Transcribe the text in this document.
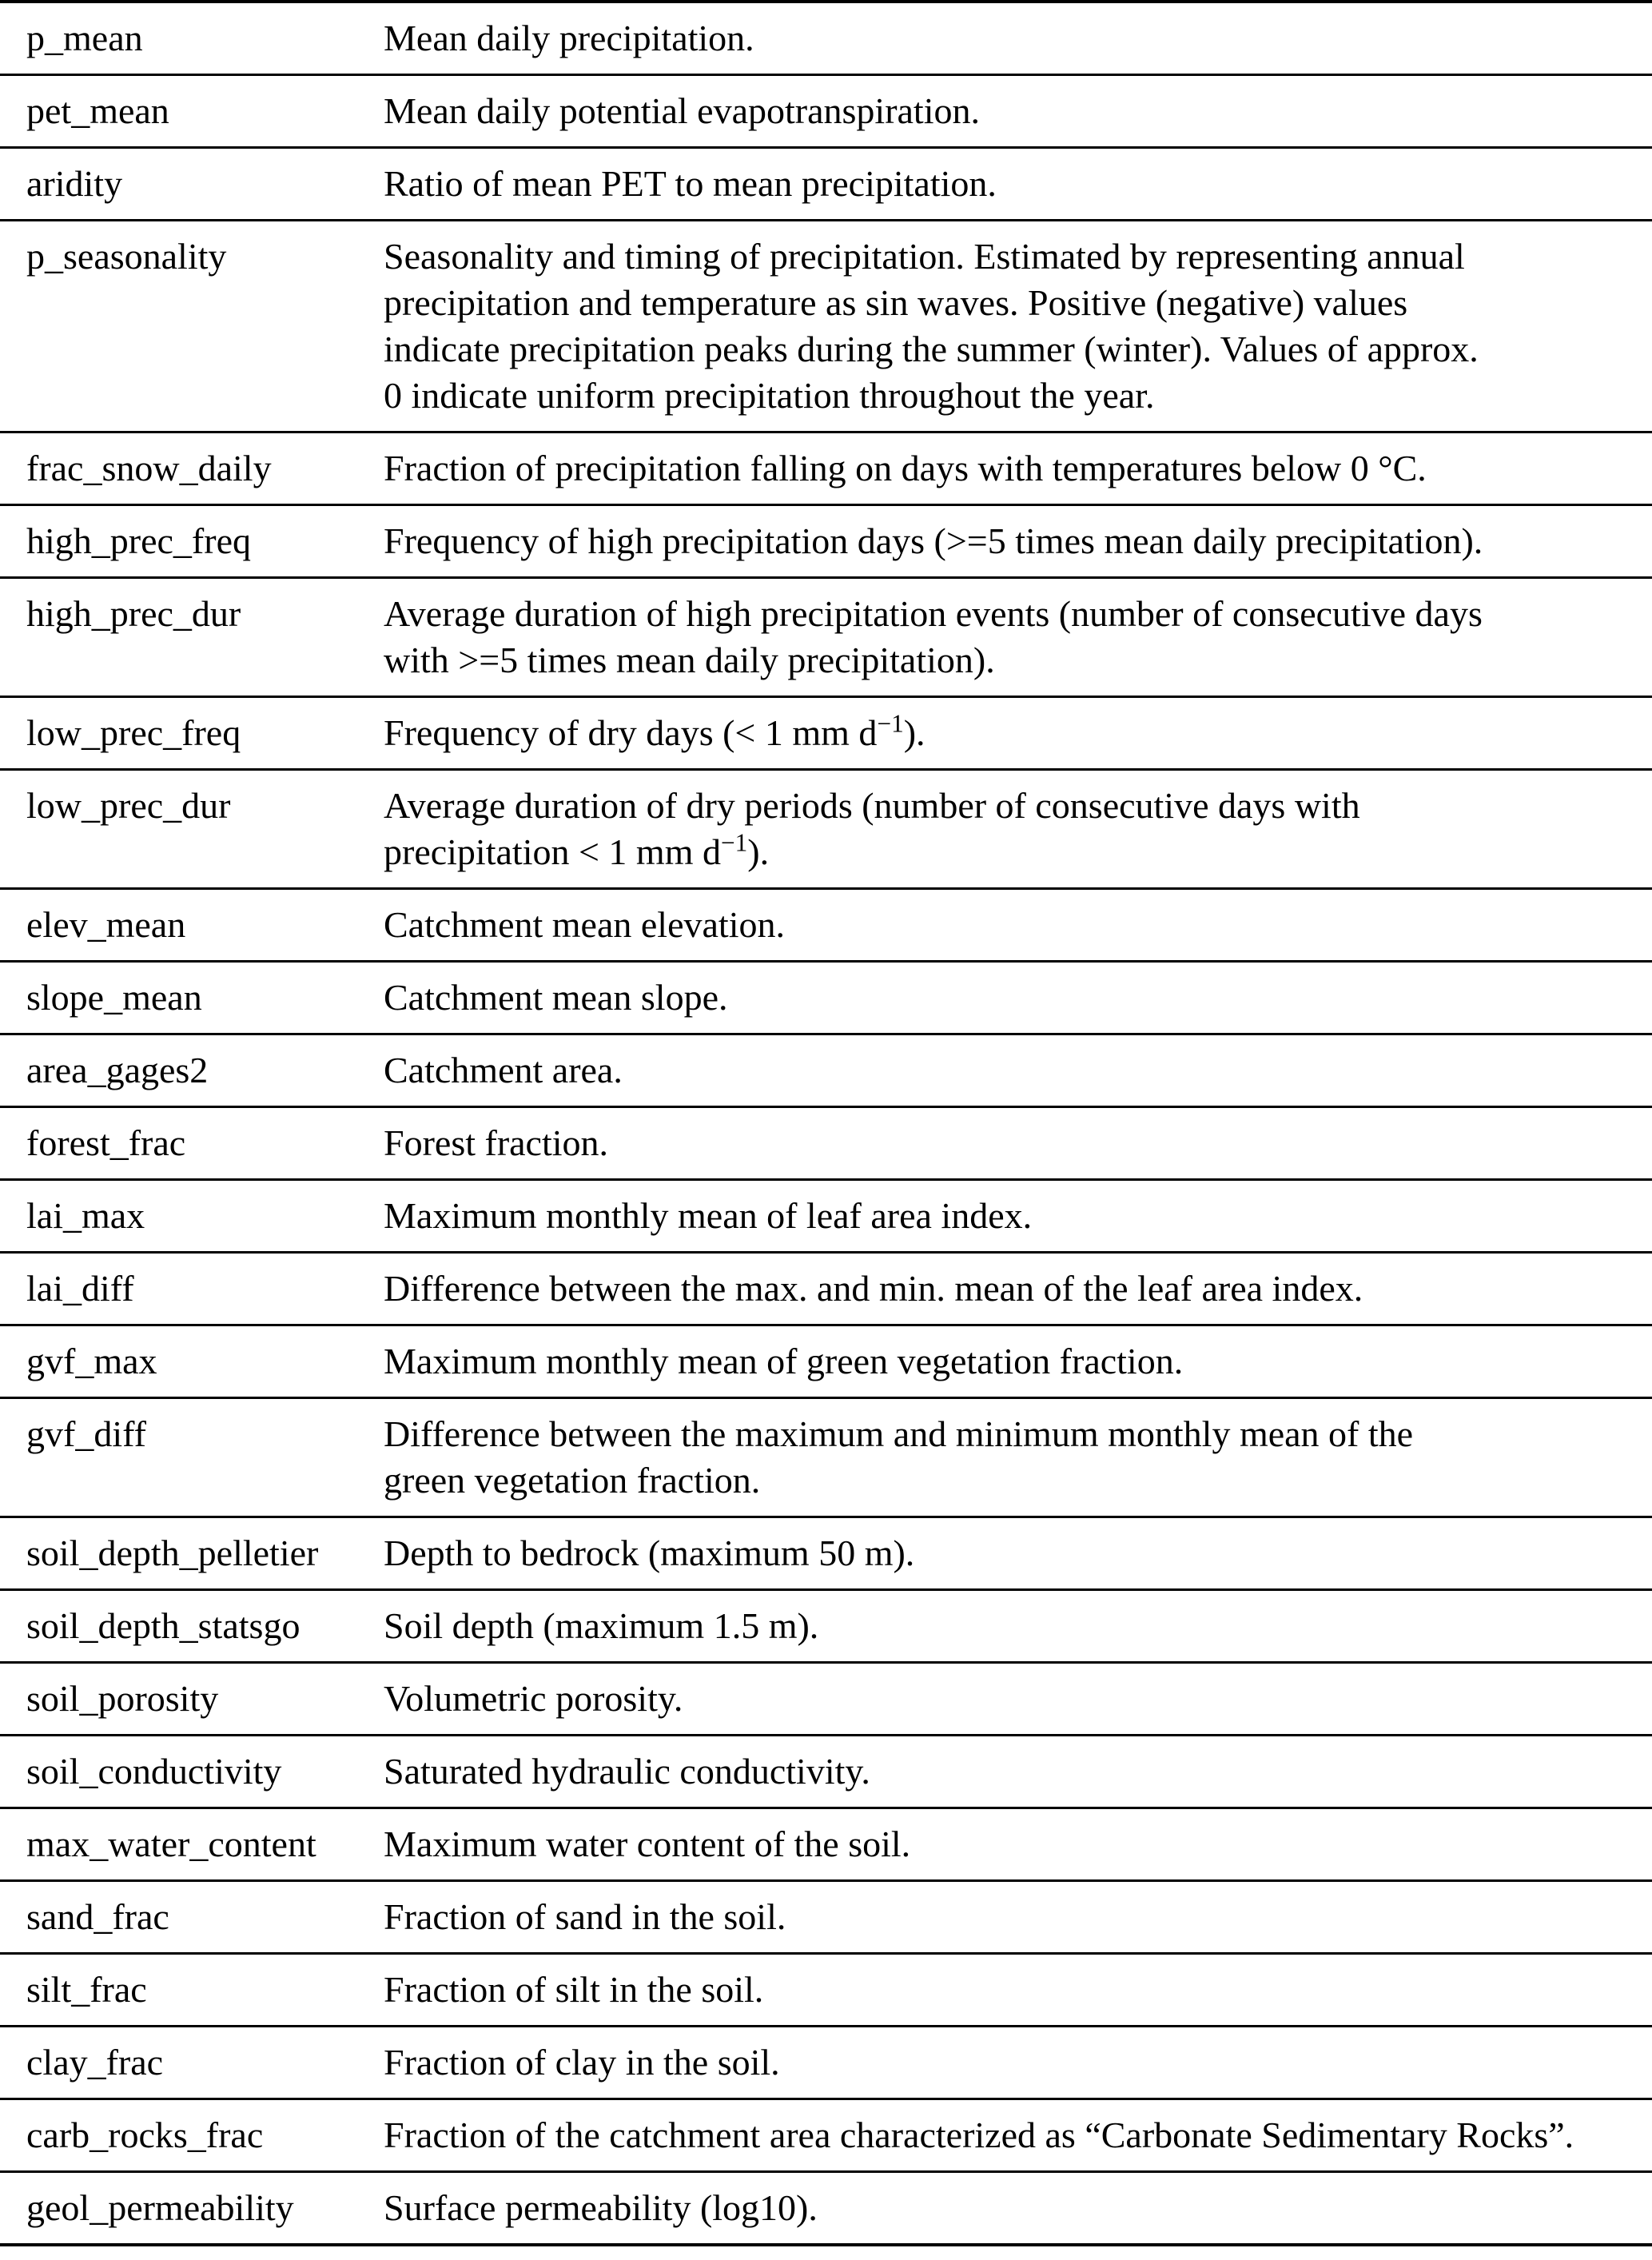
p_mean	Mean daily precipitation.

pet_mean	Mean daily potential evapotranspiration.

aridity	Ratio of mean PET to mean precipitation.

p_seasonality	Seasonality and timing of precipitation. Estimated by representing annual
precipitation and temperature as sin waves. Positive (negative) values
indicate precipitation peaks during the summer (winter). Values of approx.
0 indicate uniform precipitation throughout the year.

frac_snow_daily	Fraction of precipitation falling on days with temperatures below 0 °C.

high_prec_freq	Frequency of high precipitation days (>=5 times mean daily precipitation).

high_prec_dur	Average duration of high precipitation events (number of consecutive days
with >=5 times mean daily precipitation).

low_prec_freq	Frequency of dry days (< 1 mm $d^{-1}$).

low_prec_dur	Average duration of dry periods (number of consecutive days with
precipitation < 1 mm $d^{-1}$).

elev_mean	Catchment mean elevation.

slope_mean	Catchment mean slope.

area_gages2	Catchment area.

forest_frac	Forest fraction.

lai_max	Maximum monthly mean of leaf area index.

lai_diff	Difference between the max. and min. mean of the leaf area index.

gvf_max	Maximum monthly mean of green vegetation fraction.

gvf_diff	Difference between the maximum and minimum monthly mean of the
green vegetation fraction.

soil_depth_pelletier	Depth to bedrock (maximum 50 m).

soil_depth_statsgo	Soil depth (maximum 1.5 m).

soil_porosity	Volumetric porosity.

soil_conductivity	Saturated hydraulic conductivity.

max_water_content	Maximum water content of the soil.

sand_frac	Fraction of sand in the soil.

silt_frac	Fraction of silt in the soil.

clay_frac	Fraction of clay in the soil.

carb_rocks_frac	Fraction of the catchment area characterized as “Carbonate Sedimentary Rocks”.

geol_permeability	Surface permeability (log10).
